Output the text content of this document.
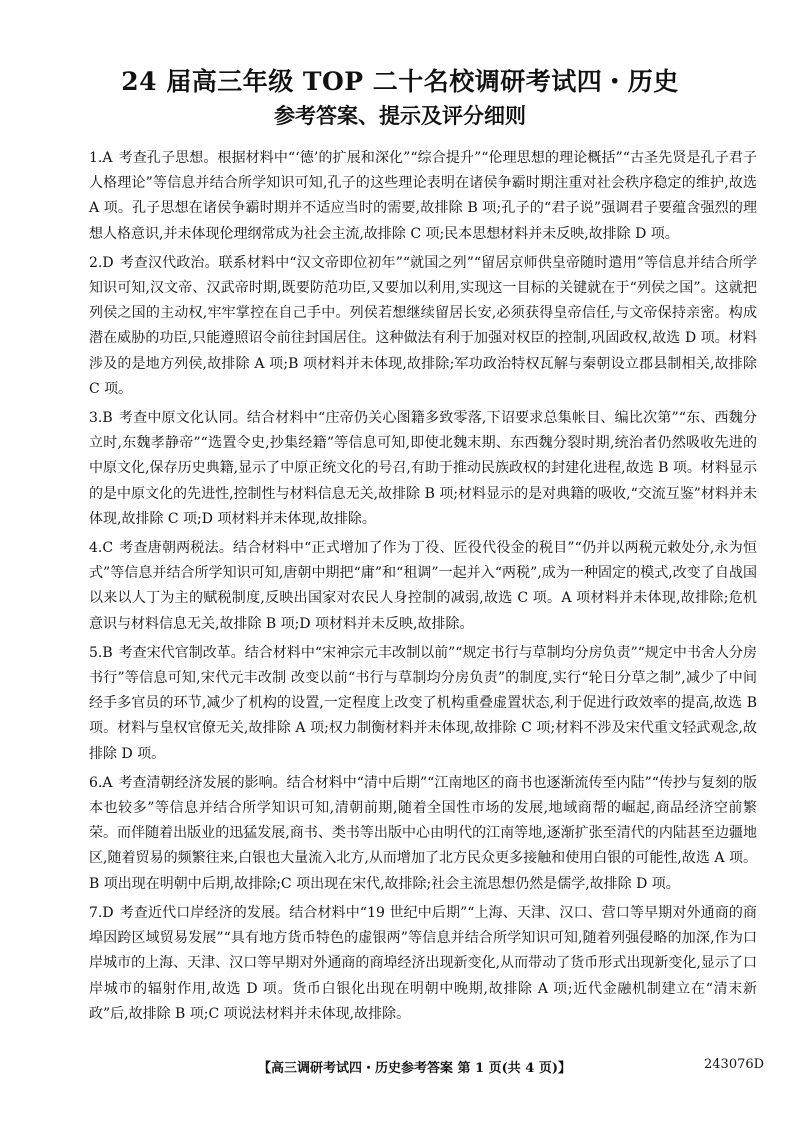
24 届高三年级 TOP 二十名校调研考试四・历史
参考答案、提示及评分细则
1.A 考查孔子思想。根据材料中“‘德’的扩展和深化”“综合提升”“伦理思想的理论概括”“古圣先贤是孔子君子人格理论”等信息并结合所学知识可知,孔子的这些理论表明在诸侯争霸时期注重对社会秩序稳定的维护,故选 A 项。孔子思想在诸侯争霸时期并不适应当时的需要,故排除 B 项;孔子的“君子说”强调君子要蕴含强烈的理想人格意识,并未体现伦理纲常成为社会主流,故排除 C 项;民本思想材料并未反映,故排除 D 项。
2.D 考查汉代政治。联系材料中“汉文帝即位初年”“就国之列”“留居京师供皇帝随时遣用”等信息并结合所学知识可知,汉文帝、汉武帝时期,既要防范功臣,又要加以利用,实现这一目标的关键就在于“列侯之国”。这就把列侯之国的主动权,牢牢掌控在自己手中。列侯若想继续留居长安,必须获得皇帝信任,与文帝保持亲密。构成潜在威胁的功臣,只能遵照诏令前往封国居住。这种做法有利于加强对权臣的控制,巩固政权,故选 D 项。材料涉及的是地方列侯,故排除 A 项;B 项材料并未体现,故排除;军功政治特权瓦解与秦朝设立郡县制相关,故排除 C 项。
3.B 考查中原文化认同。结合材料中“庄帝仍关心图籍多致零落,下诏要求总集帐目、编比次第”“东、西魏分立时,东魏孝静帝”“选置令史,抄集经籍”等信息可知,即使北魏末期、东西魏分裂时期,统治者仍然吸收先进的中原文化,保存历史典籍,显示了中原正统文化的号召,有助于推动民族政权的封建化进程,故选 B 项。材料显示的是中原文化的先进性,控制性与材料信息无关,故排除 B 项;材料显示的是对典籍的吸收,“交流互鉴”材料并未体现,故排除 C 项;D 项材料并未体现,故排除。
4.C 考查唐朝两税法。结合材料中“正式增加了作为丁役、匠役代役金的税目”“仍并以两税元敕处分,永为恒式”等信息并结合所学知识可知,唐朝中期把“庸”和“租调”一起并入“两税”,成为一种固定的模式,改变了自战国以来以人丁为主的赋税制度,反映出国家对农民人身控制的减弱,故选 C 项。A 项材料并未体现,故排除;危机意识与材料信息无关,故排除 B 项;D 项材料并未反映,故排除。
5.B 考查宋代官制改革。结合材料中“宋神宗元丰改制以前”“规定书行与草制均分房负责”“规定中书舍人分房书行”等信息可知,宋代元丰改制 改变以前“书行与草制均分房负责”的制度,实行“轮日分草之制”,减少了中间经手多官员的环节,减少了机构的设置,一定程度上改变了机构重叠虚置状态,利于促进行政效率的提高,故选 B 项。材料与皇权官僚无关,故排除 A 项;权力制衡材料并未体现,故排除 C 项;材料不涉及宋代重文轻武观念,故排除 D 项。
6.A 考查清朝经济发展的影响。结合材料中“清中后期”“江南地区的商书也逐渐流传至内陆”“传抄与复刻的版本也较多”等信息并结合所学知识可知,清朝前期,随着全国性市场的发展,地域商帮的崛起,商品经济空前繁荣。而伴随着出版业的迅猛发展,商书、类书等出版中心由明代的江南等地,逐渐扩张至清代的内陆甚至边疆地区,随着贸易的频繁往来,白银也大量流入北方,从而增加了北方民众更多接触和使用白银的可能性,故选 A 项。B 项出现在明朝中后期,故排除;C 项出现在宋代,故排除;社会主流思想仍然是儒学,故排除 D 项。
7.D 考查近代口岸经济的发展。结合材料中“19 世纪中后期”“上海、天津、汉口、营口等早期对外通商的商埠因跨区域贸易发展”“具有地方货币特色的虚银两”等信息并结合所学知识可知,随着列强侵略的加深,作为口岸城市的上海、天津、汉口等早期对外通商的商埠经济出现新变化,从而带动了货币形式出现新变化,显示了口岸城市的辐射作用,故选 D 项。货币白银化出现在明朝中晚期,故排除 A 项;近代金融机制建立在“清末新政”后,故排除 B 项;C 项说法材料并未体现,故排除。
【高三调研考试四・历史参考答案 第 1 页(共 4 页)】	243076D
